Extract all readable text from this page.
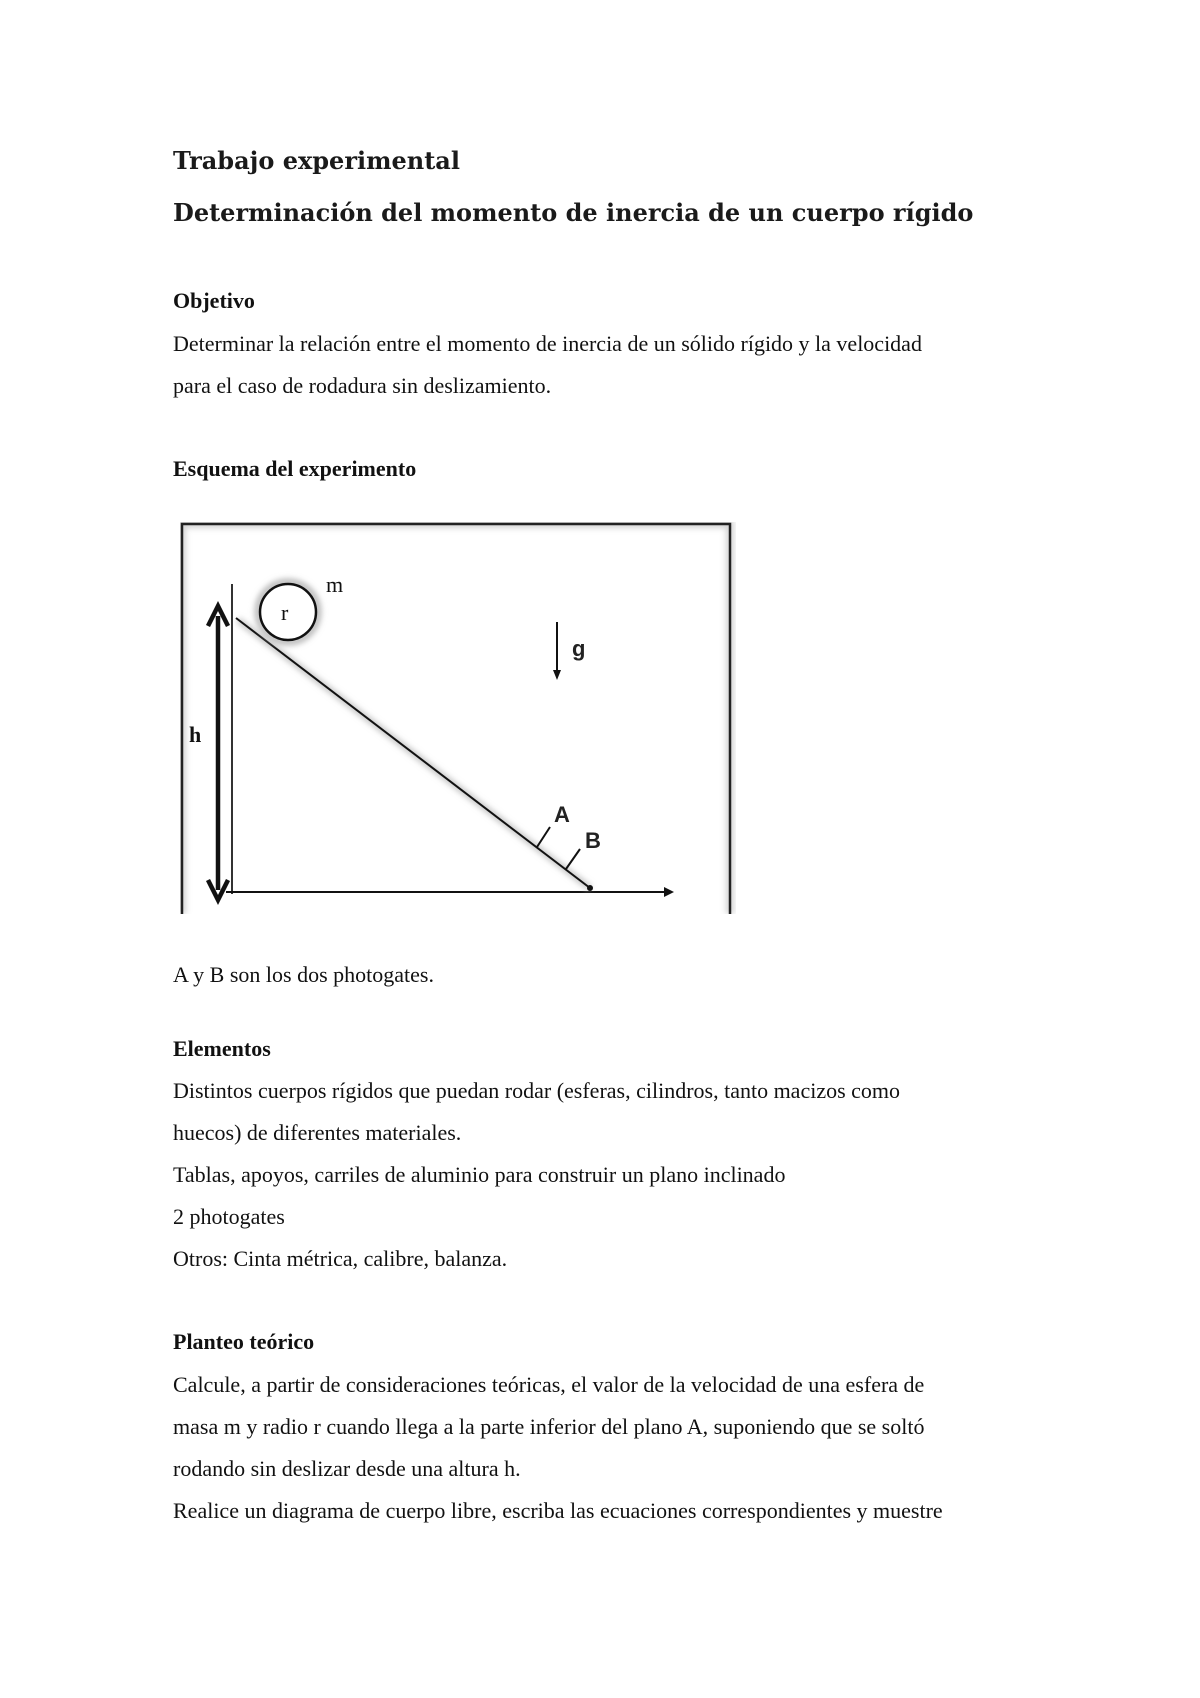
Trabajo experimental
Determinación del momento de inercia de un cuerpo rígido
Objetivo
Determinar la relación entre el momento de inercia de un sólido rígido y la velocidad
para el caso de rodadura sin deslizamiento.
Esquema del experimento
m
r
g
h
A
B
A y B son los dos photogates.
Elementos
Distintos cuerpos rígidos que puedan rodar (esferas, cilindros, tanto macizos como
huecos) de diferentes materiales.
Tablas, apoyos, carriles de aluminio para construir un plano inclinado
2 photogates
Otros: Cinta métrica, calibre, balanza.
Planteo teórico
Calcule, a partir de consideraciones teóricas, el valor de la velocidad de una esfera de
masa m y radio r cuando llega a la parte inferior del plano A, suponiendo que se soltó
rodando sin deslizar desde una altura h.
Realice un diagrama de cuerpo libre, escriba las ecuaciones correspondientes y muestre
